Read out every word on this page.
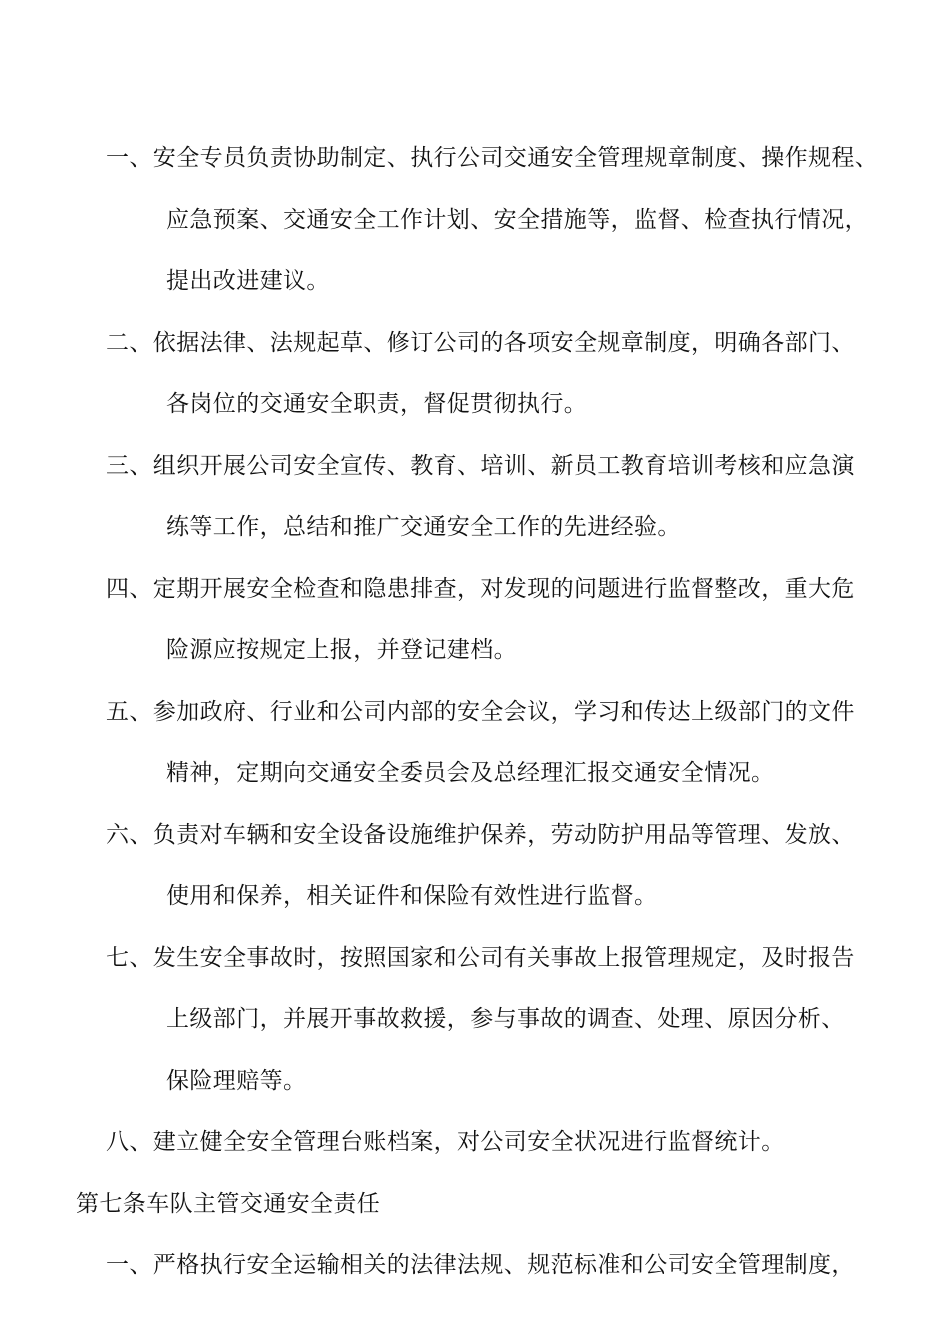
一、安全专员负责协助制定、执行公司交通安全管理规章制度、操作规程、
应急预案、交通安全工作计划、安全措施等，监督、检查执行情况，
提出改进建议。
二、依据法律、法规起草、修订公司的各项安全规章制度，明确各部门、
各岗位的交通安全职责，督促贯彻执行。
三、组织开展公司安全宣传、教育、培训、新员工教育培训考核和应急演
练等工作，总结和推广交通安全工作的先进经验。
四、定期开展安全检查和隐患排查，对发现的问题进行监督整改，重大危
险源应按规定上报，并登记建档。
五、参加政府、行业和公司内部的安全会议，学习和传达上级部门的文件
精神，定期向交通安全委员会及总经理汇报交通安全情况。
六、负责对车辆和安全设备设施维护保养，劳动防护用品等管理、发放、
使用和保养，相关证件和保险有效性进行监督。
七、发生安全事故时，按照国家和公司有关事故上报管理规定，及时报告
上级部门，并展开事故救援，参与事故的调查、处理、原因分析、
保险理赔等。
八、建立健全安全管理台账档案，对公司安全状况进行监督统计。
第七条车队主管交通安全责任
一、严格执行安全运输相关的法律法规、规范标准和公司安全管理制度，
